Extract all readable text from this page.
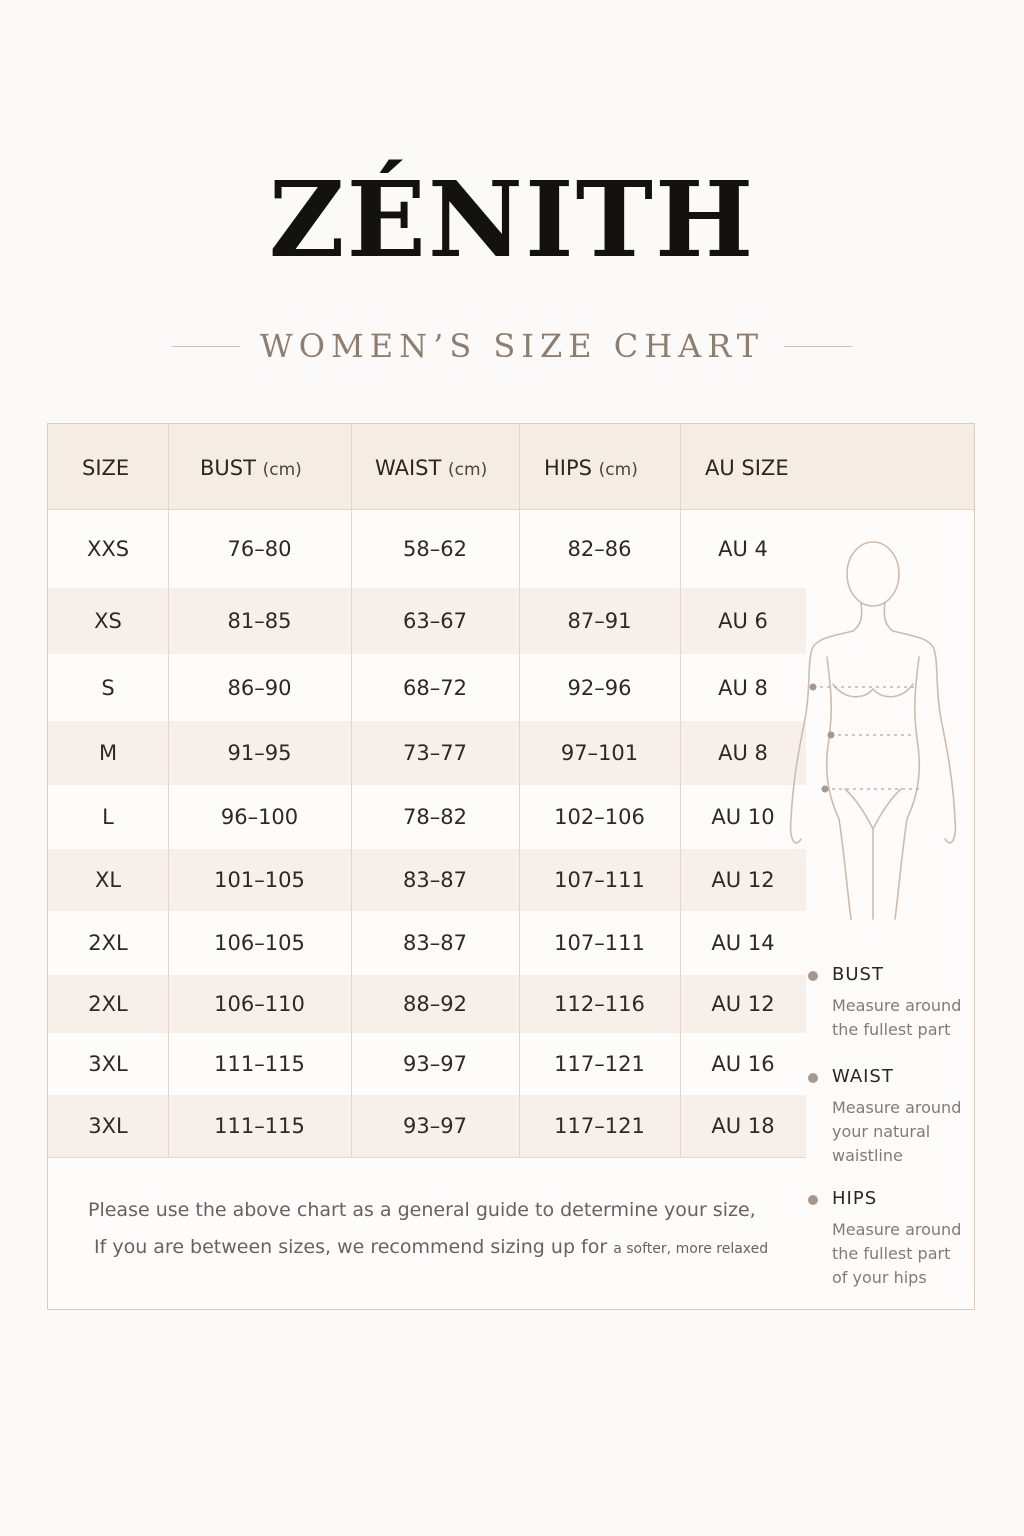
ZÉNITH
WOMEN’S SIZE CHART
SIZE	BUST (cm)	WAIST (cm)	HIPS (cm)	AU SIZE
XXS	76–80	58–62	82–86	AU 4
XS	81–85	63–67	87–91	AU 6
S	86–90	68–72	92–96	AU 8
M	91–95	73–77	97–101	AU 8
L	96–100	78–82	102–106	AU 10
XL	101–105	83–87	107–111	AU 12
2XL	106–105	83–87	107–111	AU 14
2XL	106–110	88–92	112–116	AU 12
3XL	111–115	93–97	117–121	AU 16
3XL	111–115	93–97	117–121	AU 18
Please use the above chart as a general guide to determine your size,
If you are between sizes, we recommend sizing up for a softer, more relaxed
BUST
Measure around
the fullest part
WAIST
Measure around
your natural
waistline
HIPS
Measure around
the fullest part
of your hips
